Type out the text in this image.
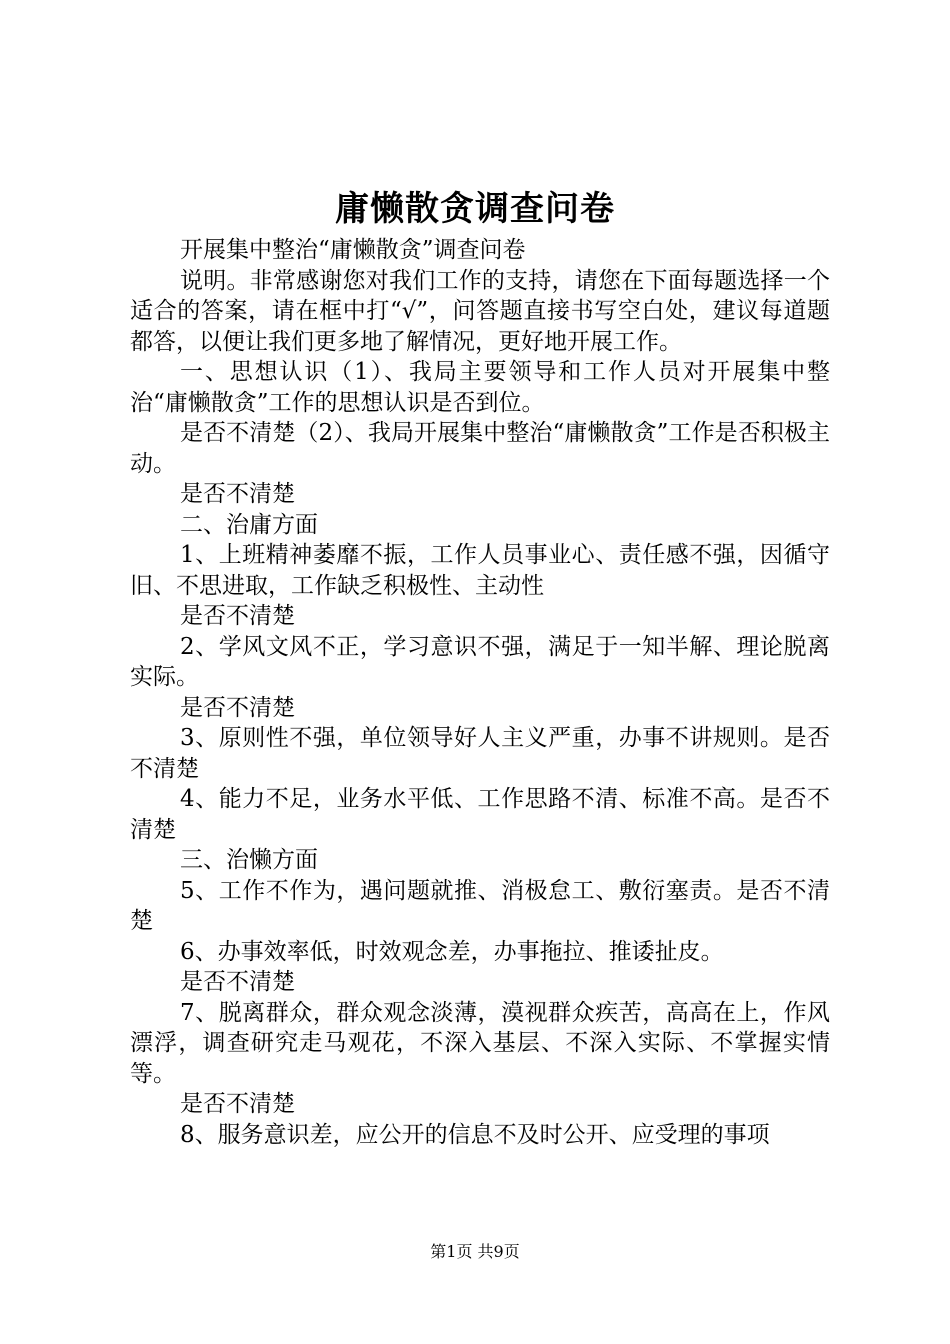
庸懒散贪调查问卷

开展集中整治“庸懒散贪”调查问卷

说明。非常感谢您对我们工作的支持，请您在下面每题选择一个适合的答案，请在框中打“√”，问答题直接书写空白处，建议每道题都答，以便让我们更多地了解情况，更好地开展工作。

一、思想认识（1）、我局主要领导和工作人员对开展集中整治“庸懒散贪”工作的思想认识是否到位。

是否不清楚（2）、我局开展集中整治“庸懒散贪”工作是否积极主动。

是否不清楚

二、治庸方面

1、上班精神萎靡不振，工作人员事业心、责任感不强，因循守旧、不思进取，工作缺乏积极性、主动性

是否不清楚

2、学风文风不正，学习意识不强，满足于一知半解、理论脱离实际。

是否不清楚

3、原则性不强，单位领导好人主义严重，办事不讲规则。是否不清楚

4、能力不足，业务水平低、工作思路不清、标准不高。是否不清楚

三、治懒方面

5、工作不作为，遇问题就推、消极怠工、敷衍塞责。是否不清楚

6、办事效率低，时效观念差，办事拖拉、推诿扯皮。

是否不清楚

7、脱离群众，群众观念淡薄，漠视群众疾苦，高高在上，作风漂浮，调查研究走马观花，不深入基层、不深入实际、不掌握实情等。

是否不清楚

8、服务意识差，应公开的信息不及时公开、应受理的事项

第1页 共9页
